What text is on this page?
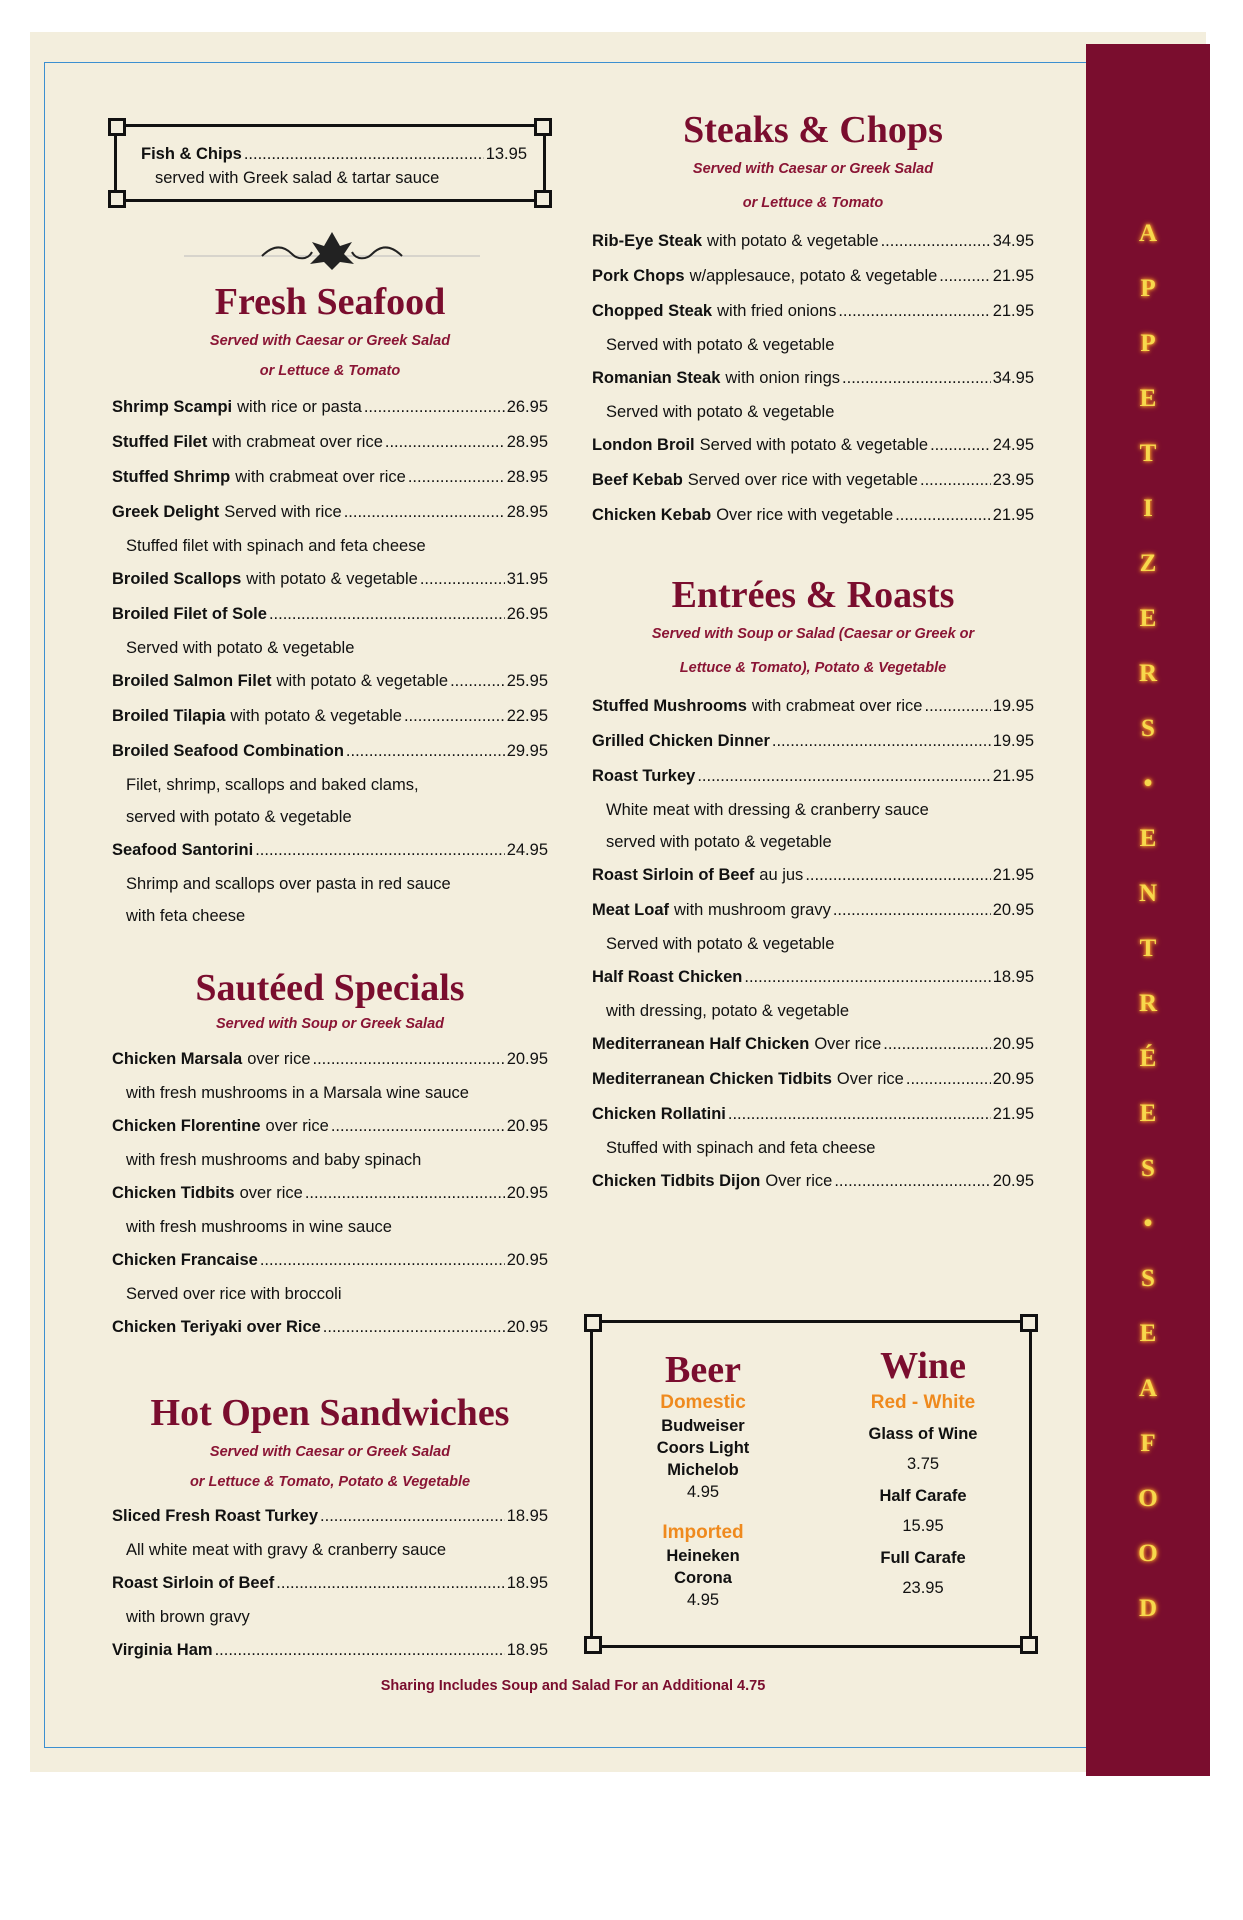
A
P
P
E
T
I
Z
E
R
S
•
E
N
T
R
É
E
S
•
S
E
A
F
O
O
D
Fish & Chips .....	13.95
served with Greek salad & tartar sauce
Fresh Seafood

Served with Caesar or Greek Salad

or Lettuce & Tomato

Shrimp Scampi with rice or pasta .....	26.95
Stuffed Filet with crabmeat over rice .....	28.95
Stuffed Shrimp with crabmeat over rice .....	28.95
Greek Delight Served with rice .....	28.95
Stuffed filet with spinach and feta cheese
Broiled Scallops with potato & vegetable .....	31.95
Broiled Filet of Sole .....	26.95
Served with potato & vegetable
Broiled Salmon Filet with potato & vegetable .....	25.95
Broiled Tilapia with potato & vegetable .....	22.95
Broiled Seafood Combination .....	29.95
Filet, shrimp, scallops and baked clams,
served with potato & vegetable
Seafood Santorini .....	24.95
Shrimp and scallops over pasta in red sauce
with feta cheese
Sautéed Specials

Served with Soup or Greek Salad

Chicken Marsala over rice .....	20.95
with fresh mushrooms in a Marsala wine sauce
Chicken Florentine over rice .....	20.95
with fresh mushrooms and baby spinach
Chicken Tidbits over rice .....	20.95
with fresh mushrooms in wine sauce
Chicken Francaise .....	20.95
Served over rice with broccoli
Chicken Teriyaki over Rice .....	20.95
Hot Open Sandwiches

Served with Caesar or Greek Salad

or Lettuce & Tomato, Potato & Vegetable

Sliced Fresh Roast Turkey .....	18.95
All white meat with gravy & cranberry sauce
Roast Sirloin of Beef .....	18.95
with brown gravy
Virginia Ham .....	18.95
Steaks & Chops

Served with Caesar or Greek Salad

or Lettuce & Tomato

Rib-Eye Steak with potato & vegetable .....	34.95
Pork Chops w/applesauce, potato & vegetable .....	21.95
Chopped Steak with fried onions .....	21.95
Served with potato & vegetable
Romanian Steak with onion rings .....	34.95
Served with potato & vegetable
London Broil Served with potato & vegetable .....	24.95
Beef Kebab Served over rice with vegetable .....	23.95
Chicken Kebab Over rice with vegetable .....	21.95
Entrées & Roasts

Served with Soup or Salad (Caesar or Greek or

Lettuce & Tomato), Potato & Vegetable

Stuffed Mushrooms with crabmeat over rice .....	19.95
Grilled Chicken Dinner .....	19.95
Roast Turkey .....	21.95
White meat with dressing & cranberry sauce
served with potato & vegetable
Roast Sirloin of Beef au jus .....	21.95
Meat Loaf with mushroom gravy .....	20.95
Served with potato & vegetable
Half Roast Chicken .....	18.95
with dressing, potato & vegetable
Mediterranean Half Chicken Over rice .....	20.95
Mediterranean Chicken Tidbits Over rice .....	20.95
Chicken Rollatini .....	21.95
Stuffed with spinach and feta cheese
Chicken Tidbits Dijon Over rice .....	20.95
Beer
Domestic
Budweiser
Coors Light
Michelob
4.95
Imported
Heineken
Corona
4.95
Wine
Red - White
Glass of Wine
3.75
Half Carafe
15.95
Full Carafe
23.95
Sharing Includes Soup and Salad For an Additional 4.75
